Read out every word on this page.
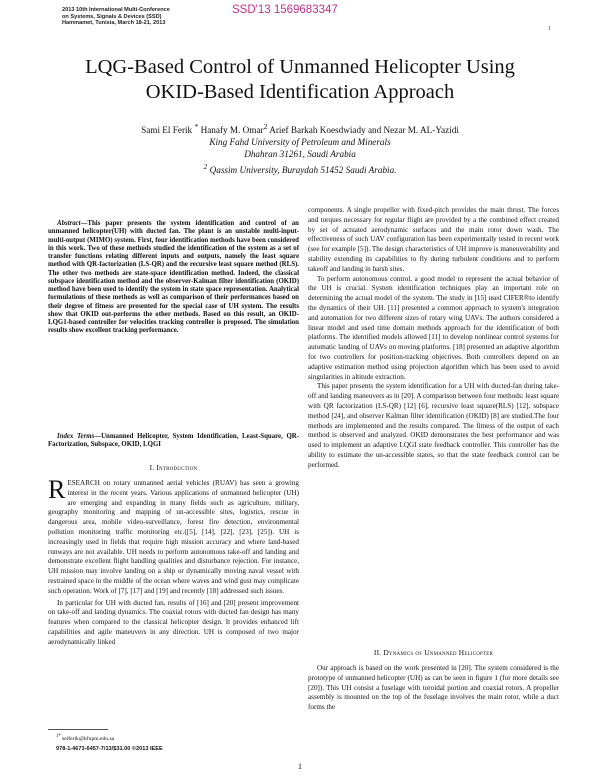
2013 10th International Multi-Conference
on Systems, Signals & Devices (SSD)
Hammamet, Tunisia, March 18-21, 2013
SSD'13 1569683347
1
LQG-Based Control of Unmanned Helicopter Using
OKID-Based Identification Approach
Sami El Ferik * Hanafy M. Omar$^2$ Arief Barkah Koesdwiady and Nezar M. AL-Yazidi
King Fahd University of Petroleum and Minerals
Dhahran 31261, Saudi Arabia
$^2$ Qassim University, Buraydah 51452 Saudi Arabia.

Abstract—This paper presents the system identification and control of an unmanned helicopter(UH) with ducted fan. The plant is an unstable multi-input-multi-output (MIMO) system. First, four identification methods have been considered in this work. Two of these methods studied the identification of the system as a set of transfer functions relating different inputs and outputs, namely the least square method with QR-factorization (LS-QR) and the recursive least square method (RLS). The other two methods are state-space identification method. Indeed, the classical subspace identification method and the observer-Kalman filter identification (OKID) method have been used to identify the system in state space representation. Analytical formulations of these methods as well as comparison of their performances based on their degree of fitness are presented for the special case of UH system. The results show that OKID out-performs the other methods. Based on this result, an OKID-LQG1-based controller for velocities tracking controller is proposed. The simulation results show excellent tracking performance.

Index Terms—Unmanned Helicopter, System Identification, Least-Square, QR-Factorization, Subspace, OKID, LQGI

I. Introduction

RESEARCH on rotary unmanned aerial vehicles (RUAV) has seen a growing interest in the recent years. Various applications of unmanned helicopter (UH) are emerging and expanding in many fields such as agriculture, military, geography monitoring and mapping of un-accessible sites, logistics, rescue in dangerous area, mobile video-surveillance, forest fire detection, environmental pollution monitoring traffic monitoring etc.([5], [14], [22], [23], [25]). UH is increasingly used in fields that require high mission accuracy and where land-based runways are not available. UH needs to perform autonomous take-off and landing and demonstrate excellent flight handling qualities and disturbance rejection. For instance, UH mission may involve landing on a ship or dynamically moving naval vessel with restrained space in the middle of the ocean where waves and wind gust may complicate such operation. Work of [7], [17] and [19] and recently [18] addressed such issues.

In particular for UH with ducted fan, results of [16] and [20] present improvement on take-off and landing dynamics. The coaxial rotors with ducted fan design has many features when compared to the classical helicopter design. It provides enhanced lift capabilities and agile maneuvers in any direction. UH is composed of two major aerodynamically linked

$^{1*}$ selferik@kfupm.edu.sa
978-1-4673-6457-7/13/$31.00 ©2013 IEEE

components. A single propeller with fixed-pitch provides the main thrust. The forces and torques necessary for regular flight are provided by a the combined effect created by set of actuated aerodynamic surfaces and the main rotor down wash. The effectiveness of such UAV configuration has been experimentally tested in recent work (see for example [5]). The design characteristics of UH improve is maneuverability and stability extending its capabilities to fly during turbulent conditions and to perform takeoff and landing in harsh sites.

To perform autonomous control, a good model to represent the actual behavior of the UH is crucial. System identification techniques play an important role on determining the actual model of the system. The study in [15] used CIFER®to identify the dynamics of their UH. [11] presented a common approach to system's integration and automation for two different sizes of rotary wing UAVs. The authors considered a linear model and used time domain methods approach for the identification of both platforms. The identified models allowed [11] to develop nonlinear control systems for automatic landing of UAVs on moving platforms. [18] presented an adaptive algorithm for two controllers for position-tracking objectives. Both controllers depend on an adaptive estimation method using projection algorithm which has been used to avoid singularities in altitude extraction.

This paper presents the system identification for a UH with ducted-fan during take-off and landing maneuvers as in [20]. A comparison between four methods: least square with QR factorization (LS-QR) [12] [6], recursive least square(RLS) [12], subspace method [24], and observer Kalman filter identification (OKID) [8] are studied.The four methods are implemented and the results compared. The fitness of the output of each method is observed and analyzed. OKID demonstrates the best performance and was used to implement an adaptive LQGI state feedback controller. This controller has the ability to estimate the un-accessible states, so that the state feedback control can be performed.

II. Dynamics of Unmanned Helicopter

Our approach is based on the work presented in [20]. The system considered is the prototype of unmanned helicopter (UH) as can be seen in figure 1 (for more details see [20]). This UH consist a fuselage with toroidal portion and coaxial rotors. A propeller assembly is mounted on the top of the fuselage involves the main rotor, while a duct forms the

1
